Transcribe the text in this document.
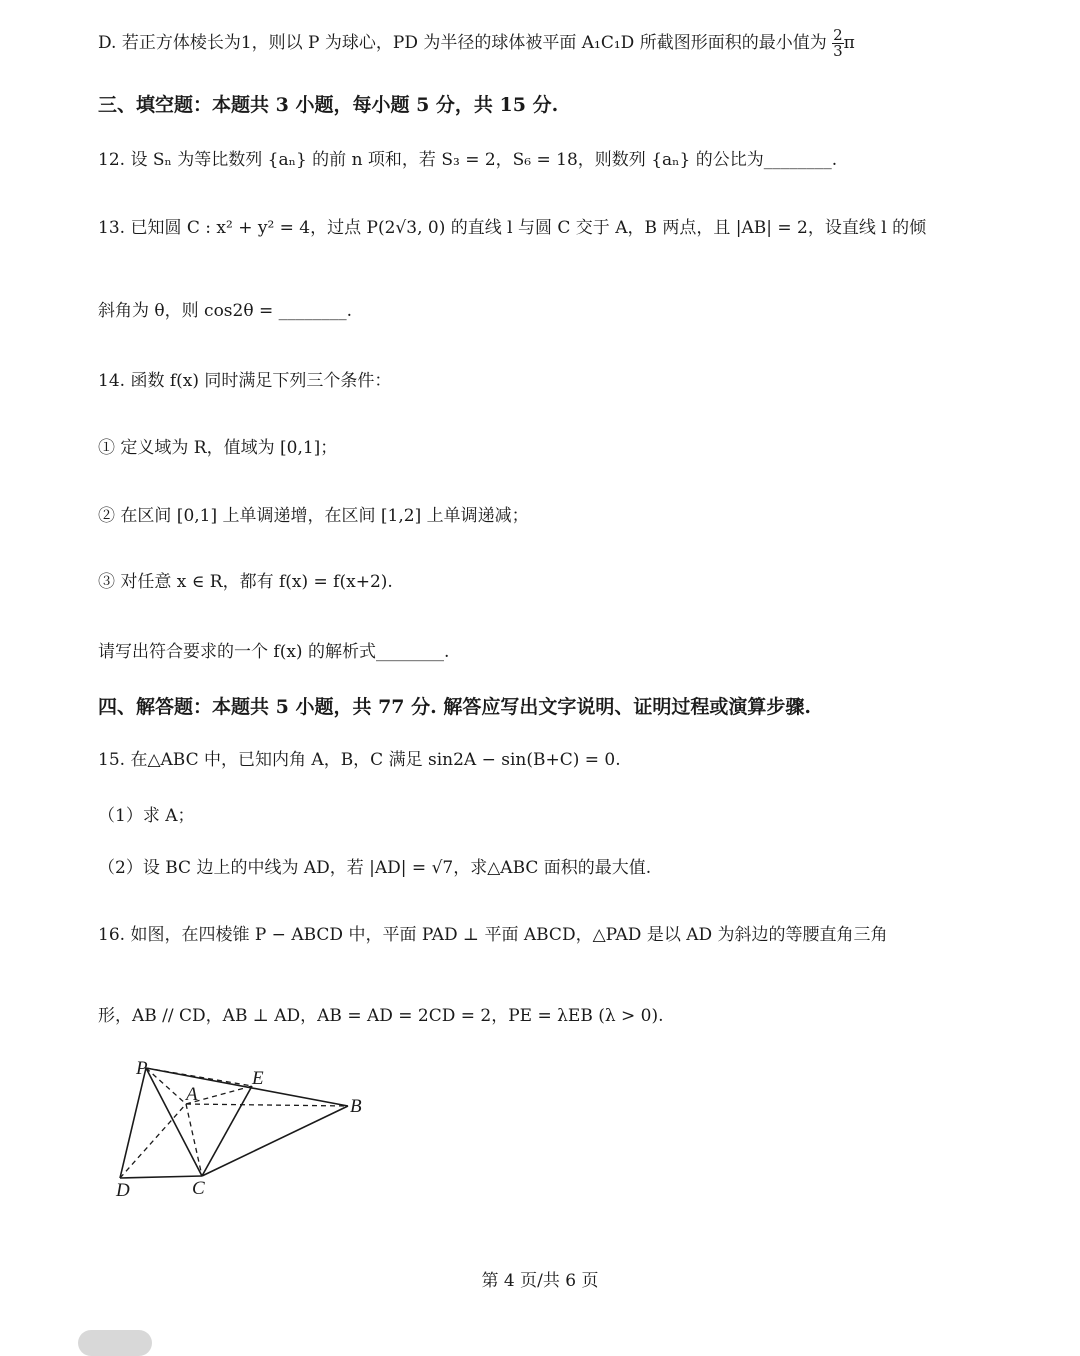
D. 若正方体棱长为1，则以 P 为球心，PD 为半径的球体被平面 A₁C₁D 所截图形面积的最小值为 $\frac{2}{3}$ π
三、填空题：本题共 3 小题，每小题 5 分，共 15 分.
12. 设 Sₙ 为等比数列 {aₙ} 的前 n 项和，若 S₃ = 2，S₆ = 18，则数列 {aₙ} 的公比为________.
13. 已知圆 C : x² + y² = 4，过点 P(2√3, 0) 的直线 l 与圆 C 交于 A，B 两点，且 |AB| = 2，设直线 l 的倾
斜角为 θ，则 cos2θ = ________.
14. 函数 f(x) 同时满足下列三个条件：
① 定义域为 R，值域为 [0,1]；
② 在区间 [0,1] 上单调递增，在区间 [1,2] 上单调递减；
③ 对任意 x ∈ R，都有 f(x) = f(x+2).
请写出符合要求的一个 f(x) 的解析式________.
四、解答题：本题共 5 小题，共 77 分. 解答应写出文字说明、证明过程或演算步骤.
15. 在△ABC 中，已知内角 A，B，C 满足 sin2A − sin(B+C) = 0.
（1）求 A；
（2）设 BC 边上的中线为 AD，若 |AD| = √7，求△ABC 面积的最大值.
16. 如图，在四棱锥 P − ABCD 中，平面 PAD ⊥ 平面 ABCD，△PAD 是以 AD 为斜边的等腰直角三角
形，AB // CD，AB ⊥ AD，AB = AD = 2CD = 2，PE = λEB (λ > 0).
P
A
E
B
D	C
第 4 页/共 6 页
